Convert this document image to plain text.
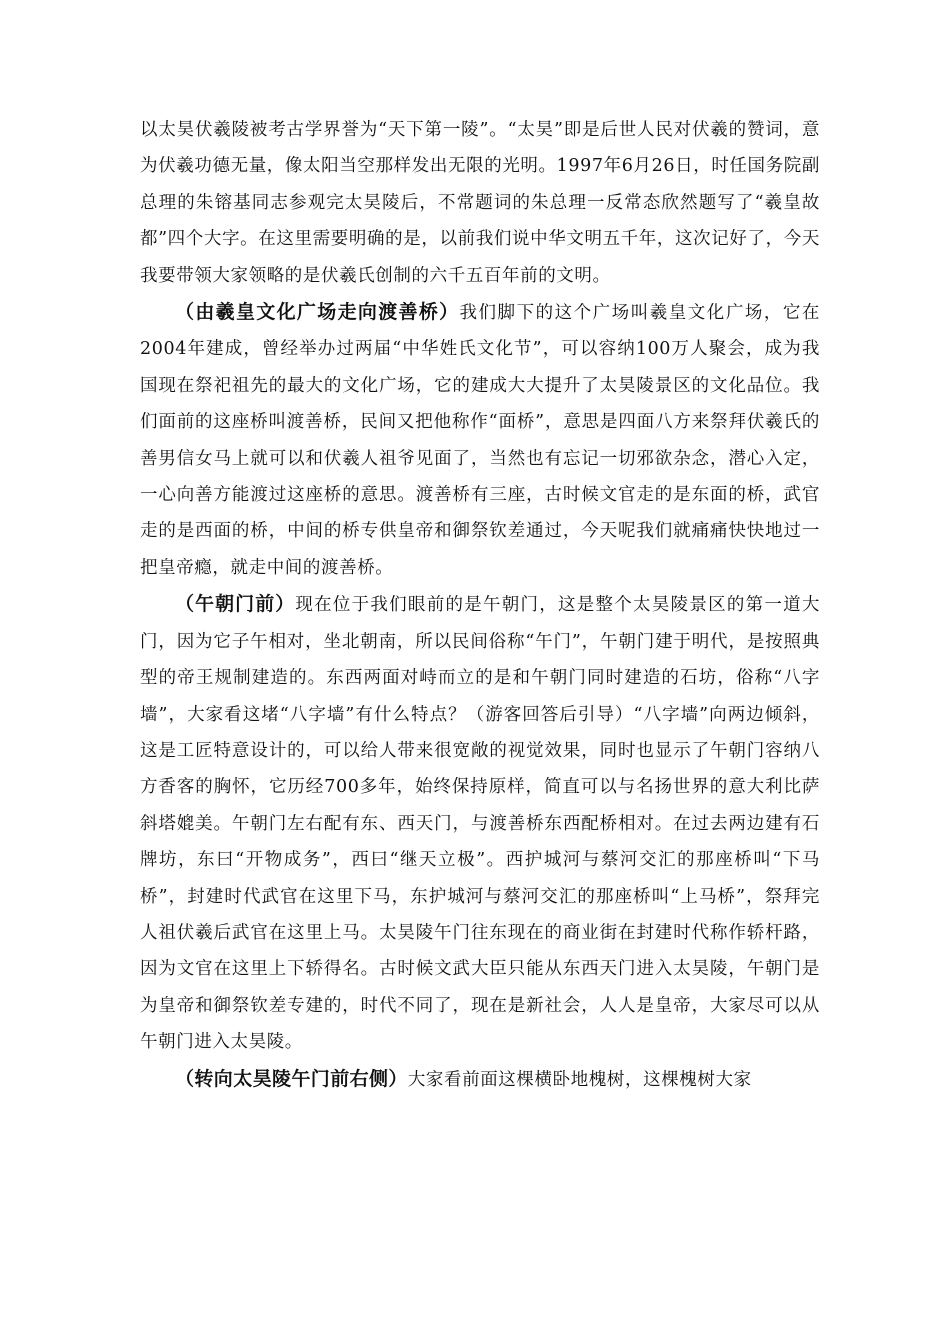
以太昊伏羲陵被考古学界誉为“天下第一陵”。“太昊”即是后世人民对伏羲的赞词，意为伏羲功德无量，像太阳当空那样发出无限的光明。1997年6月26日，时任国务院副总理的朱镕基同志参观完太昊陵后，不常题词的朱总理一反常态欣然题写了“羲皇故都”四个大字。在这里需要明确的是，以前我们说中华文明五千年，这次记好了，今天我要带领大家领略的是伏羲氏创制的六千五百年前的文明。

（由羲皇文化广场走向渡善桥）我们脚下的这个广场叫羲皇文化广场，它在2004年建成，曾经举办过两届“中华姓氏文化节”，可以容纳100万人聚会，成为我国现在祭祀祖先的最大的文化广场，它的建成大大提升了太昊陵景区的文化品位。我们面前的这座桥叫渡善桥，民间又把他称作“面桥”，意思是四面八方来祭拜伏羲氏的善男信女马上就可以和伏羲人祖爷见面了，当然也有忘记一切邪欲杂念，潜心入定，一心向善方能渡过这座桥的意思。渡善桥有三座，古时候文官走的是东面的桥，武官走的是西面的桥，中间的桥专供皇帝和御祭钦差通过，今天呢我们就痛痛快快地过一把皇帝瘾，就走中间的渡善桥。

（午朝门前）现在位于我们眼前的是午朝门，这是整个太昊陵景区的第一道大门，因为它子午相对，坐北朝南，所以民间俗称“午门”，午朝门建于明代，是按照典型的帝王规制建造的。东西两面对峙而立的是和午朝门同时建造的石坊，俗称“八字墙”，大家看这堵“八字墙”有什么特点？（游客回答后引导）“八字墙”向两边倾斜，这是工匠特意设计的，可以给人带来很宽敞的视觉效果，同时也显示了午朝门容纳八方香客的胸怀，它历经700多年，始终保持原样，简直可以与名扬世界的意大利比萨斜塔媲美。午朝门左右配有东、西天门，与渡善桥东西配桥相对。在过去两边建有石牌坊，东曰“开物成务”，西曰“继天立极”。西护城河与蔡河交汇的那座桥叫“下马桥”，封建时代武官在这里下马，东护城河与蔡河交汇的那座桥叫“上马桥”，祭拜完人祖伏羲后武官在这里上马。太昊陵午门往东现在的商业街在封建时代称作轿杆路，因为文官在这里上下轿得名。古时候文武大臣只能从东西天门进入太昊陵，午朝门是为皇帝和御祭钦差专建的，时代不同了，现在是新社会，人人是皇帝，大家尽可以从午朝门进入太昊陵。

（转向太昊陵午门前右侧）大家看前面这棵横卧地槐树，这棵槐树大家
